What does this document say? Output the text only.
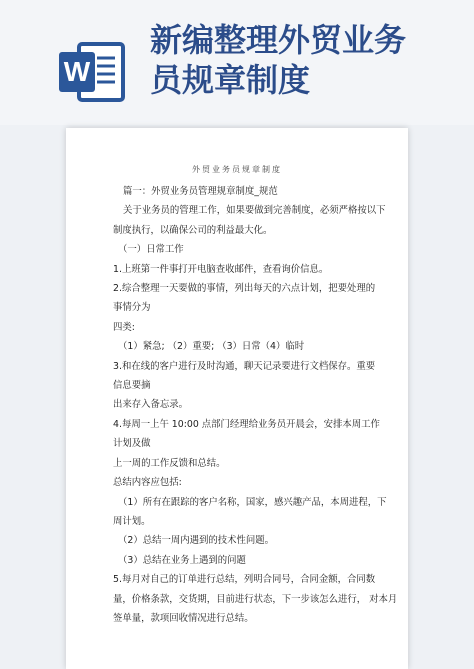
W
新编整理外贸业务
员规章制度
外贸业务员规章制度

篇一：外贸业务员管理规章制度_规范

关于业务员的管理工作，如果要做到完善制度，必须严格按以下

制度执行，以确保公司的利益最大化。

（一）日常工作

1.上班第一件事打开电脑查收邮件，查看询价信息。

2.综合整理一天要做的事情，列出每天的六点计划，把要处理的

事情分为

四类:

（1）紧急; （2）重要; （3）日常（4）临时

3.和在线的客户进行及时沟通，聊天记录要进行文档保存。重要

信息要摘

出来存入备忘录。

4.每周一上午 10:00 点部门经理给业务员开晨会，安排本周工作

计划及做

上一周的工作反馈和总结。

总结内容应包括:

（1）所有在跟踪的客户名称，国家，感兴趣产品，本周进程，下

周计划。

（2）总结一周内遇到的技术性问题。

（3）总结在业务上遇到的问题

5.每月对自己的订单进行总结，列明合同号，合同金额，合同数

量，价格条款，交货期，目前进行状态，下一步该怎么进行， 对本月

签单量，款项回收情况进行总结。
